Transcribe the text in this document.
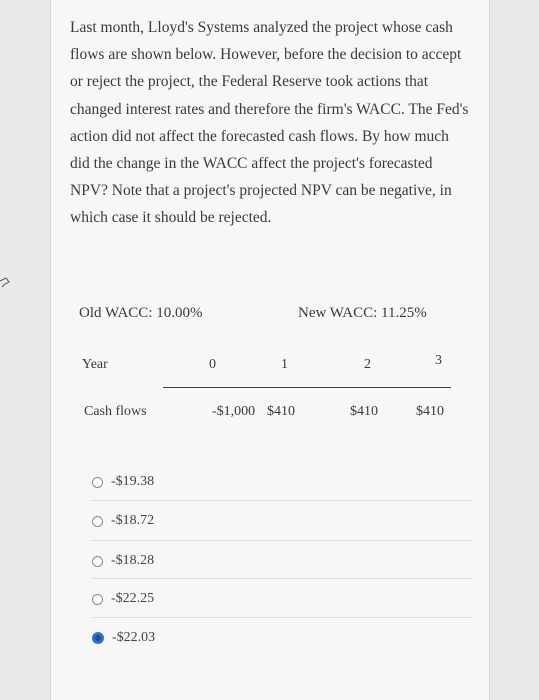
Last month, Lloyd's Systems analyzed the project whose cash flows are shown below. However, before the decision to accept or reject the project, the Federal Reserve took actions that changed interest rates and therefore the firm's WACC. The Fed's action did not affect the forecasted cash flows. By how much did the change in the WACC affect the project's forecasted NPV? Note that a project's projected NPV can be negative, in which case it should be rejected.

Old WACC: 10.00%	New WACC: 11.25%
Year	0	1	2	3
Cash flows	-$1,000 $410	$410	$410
-$19.38
-$18.72
-$18.28
-$22.25
-$22.03
